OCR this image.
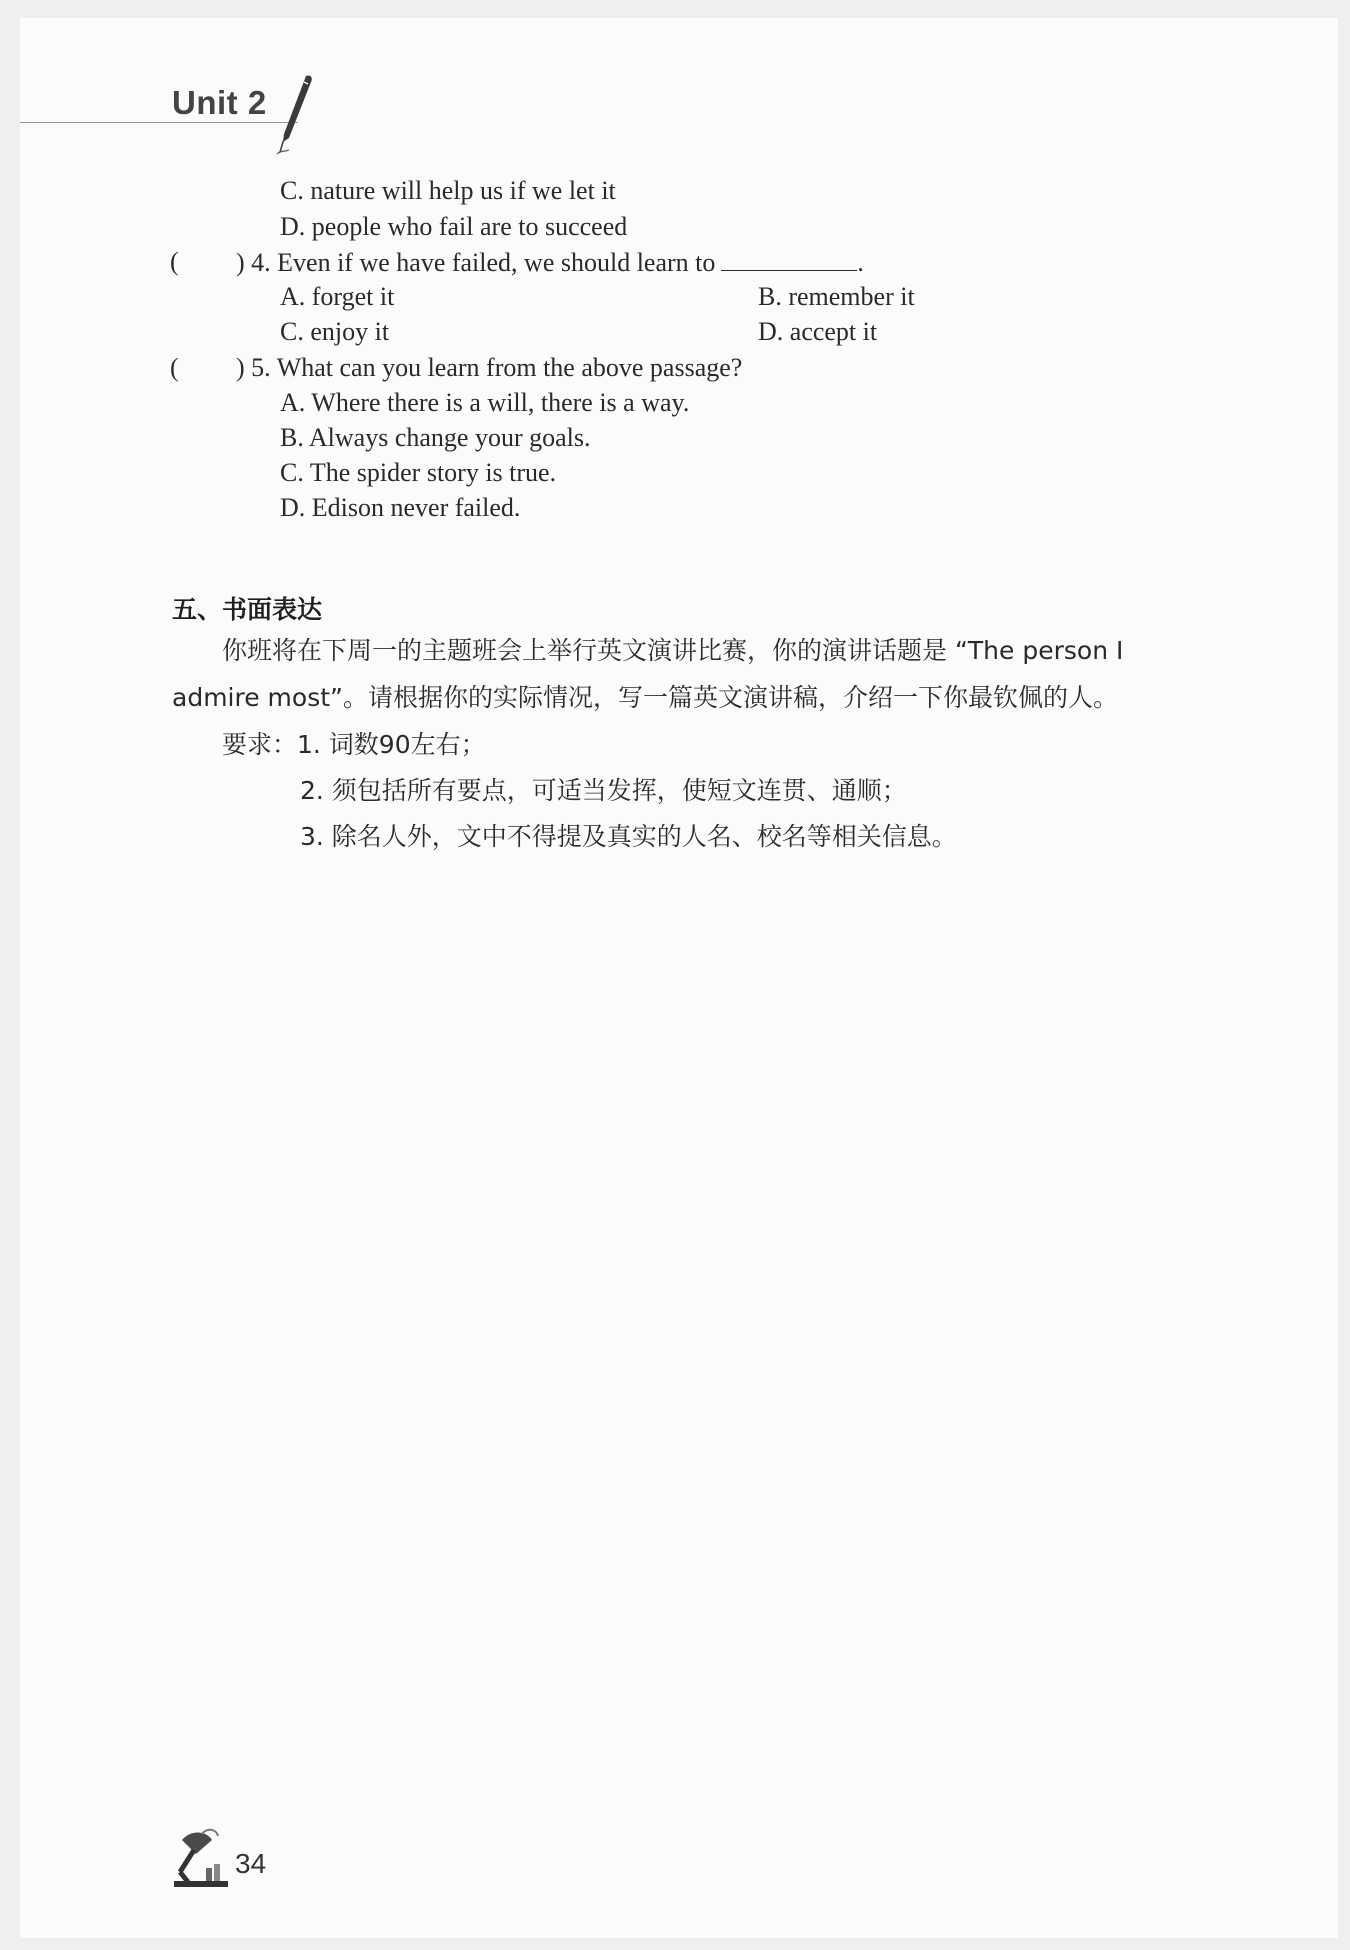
Unit 2
C. nature will help us if we let it
D. people who fail are to succeed
( ) 4. Even if we have failed, we should learn to	.
A. forget it	B. remember it
C. enjoy it	D. accept it
( ) 5. What can you learn from the above passage?
A. Where there is a will, there is a way.
B. Always change your goals.
C. The spider story is true.
D. Edison never failed.
五、书面表达
你班将在下周一的主题班会上举行英文演讲比赛，你的演讲话题是 “The person I
admire most”。请根据你的实际情况，写一篇英文演讲稿，介绍一下你最钦佩的人。
要求：1. 词数90左右；
2. 须包括所有要点，可适当发挥，使短文连贯、通顺；
3. 除名人外，文中不得提及真实的人名、校名等相关信息。
34
